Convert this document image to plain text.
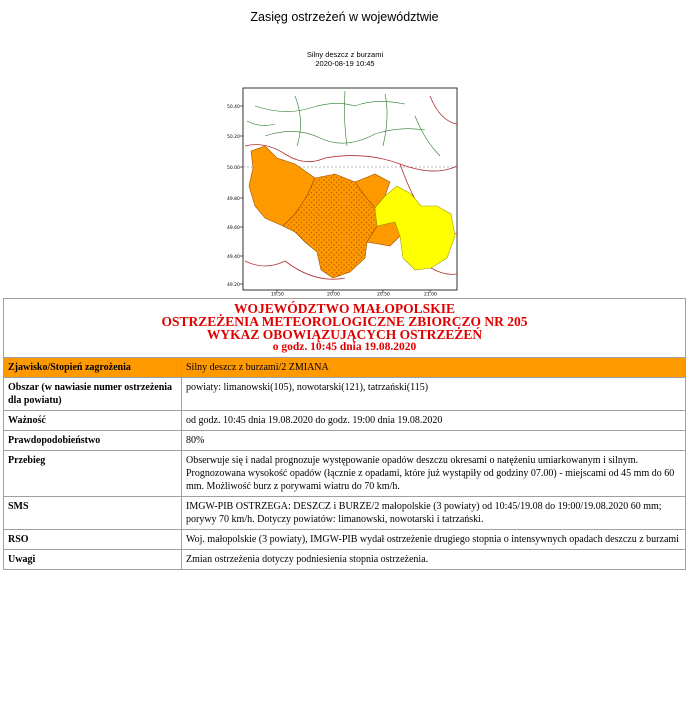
Zasięg ostrzeżeń w województwie
50.40
50.20
50.00
49.80
49.60
49.40
49.20
19.50	20.00	20.50	21.00
Silny deszcz z burzami
2020-08-19 10:45
WOJEWÓDZTWO MAŁOPOLSKIE
OSTRZEŻENIA METEOROLOGICZNE ZBIORCZO NR 205
WYKAZ OBOWIĄZUJĄCYCH OSTRZEŻEŃ
o godz. 10:45 dnia 19.08.2020	

Zjawisko/Stopień zagrożenia	Silny deszcz z burzami/2 ZMIANA
Obszar (w nawiasie numer ostrzeżenia dla powiatu)	powiaty: limanowski(105), nowotarski(121), tatrzański(115)
Ważność	od godz. 10:45 dnia 19.08.2020 do godz. 19:00 dnia 19.08.2020
Prawdopodobieństwo	80%
Przebieg	Obserwuje się i nadal prognozuje występowanie opadów deszczu okresami o natężeniu umiarkowanym i silnym. Prognozowana wysokość opadów (łącznie z opadami, które już wystąpiły od godziny 07.00) - miejscami od 45 mm do 60 mm. Możliwość burz z porywami wiatru do 70 km/h.
SMS	IMGW-PIB OSTRZEGA: DESZCZ i BURZE/2 małopolskie (3 powiaty) od 10:45/19.08 do 19:00/19.08.2020 60 mm; porywy 70 km/h. Dotyczy powiatów: limanowski, nowotarski i tatrzański.
RSO	Woj. małopolskie (3 powiaty), IMGW-PIB wydał ostrzeżenie drugiego stopnia o intensywnych opadach deszczu z burzami
Uwagi	Zmian ostrzeżenia dotyczy podniesienia stopnia ostrzeżenia.
